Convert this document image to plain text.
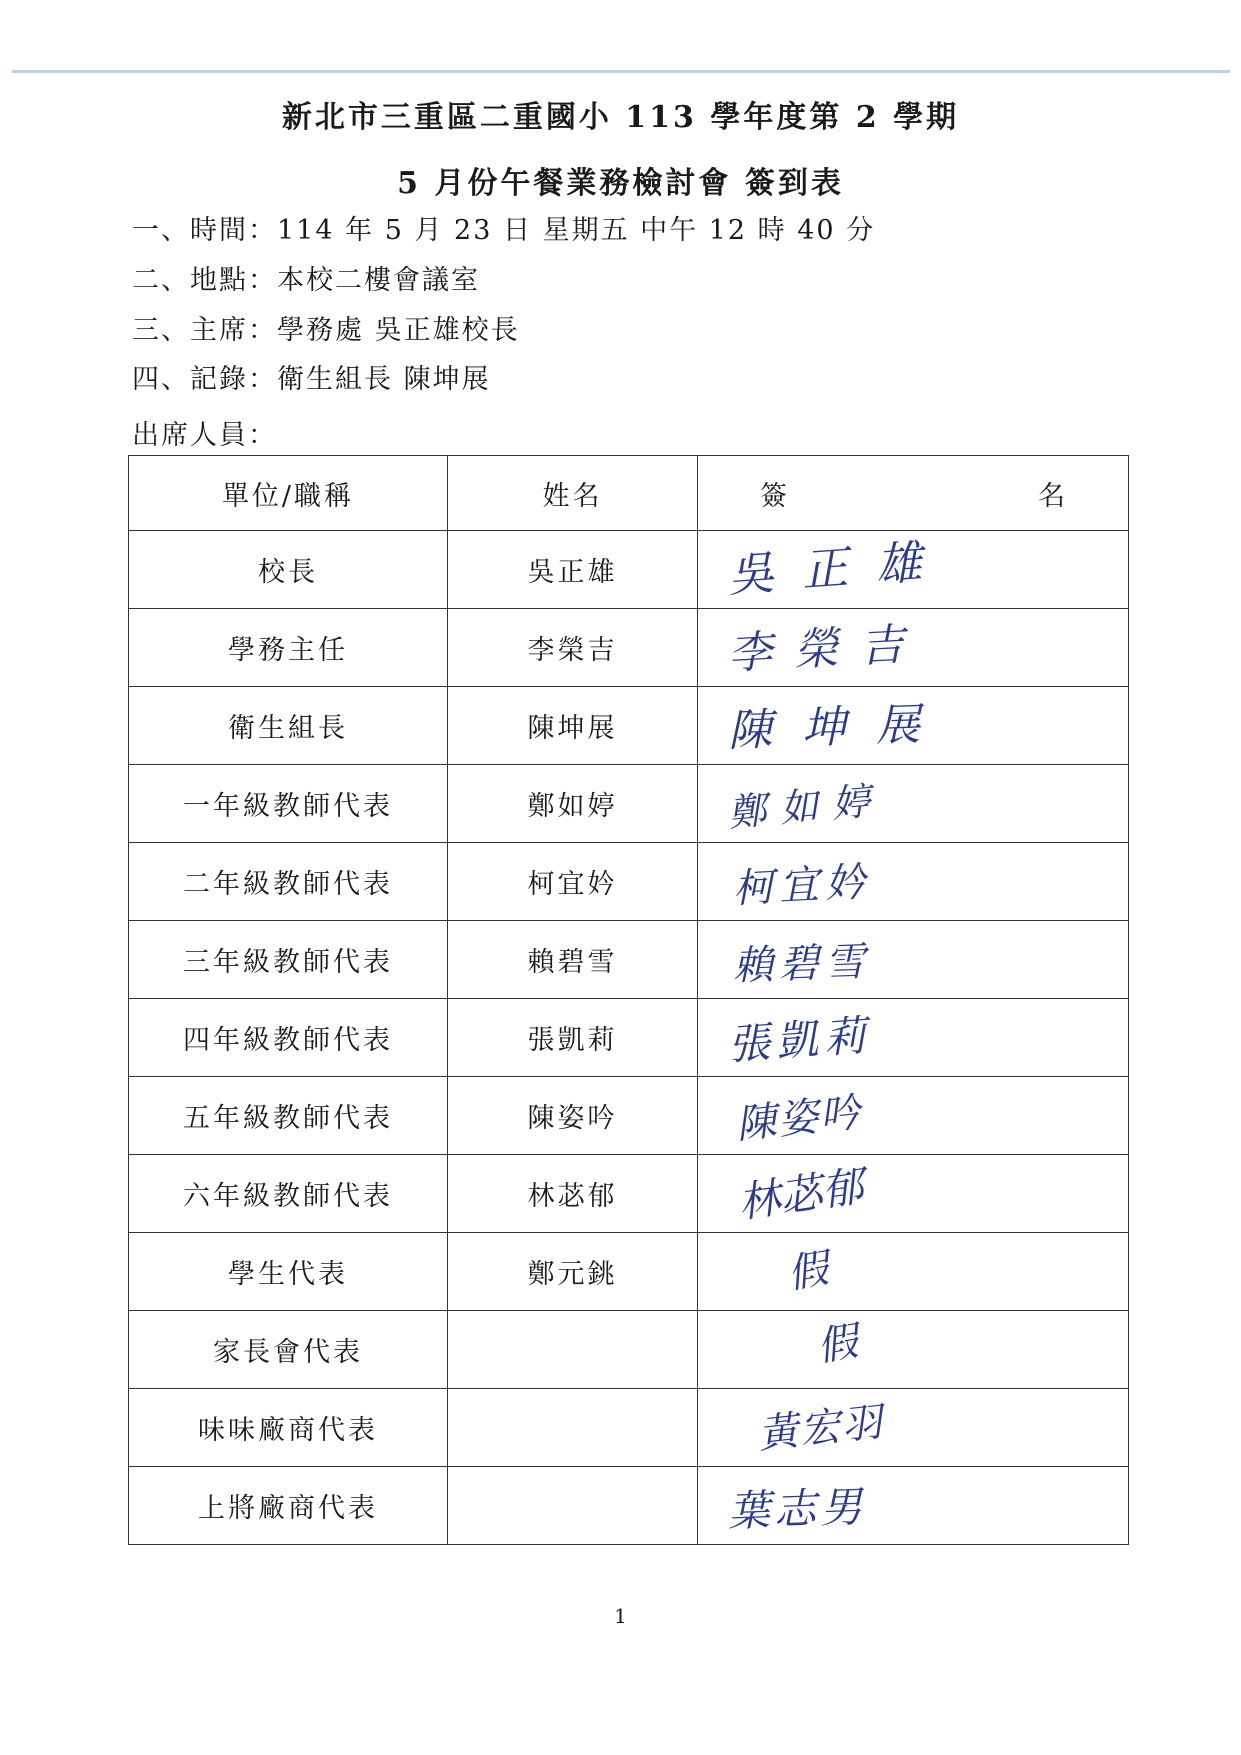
新北市三重區二重國小 113 學年度第 2 學期
5 月份午餐業務檢討會 簽到表
一、時間：114 年 5 月 23 日 星期五 中午 12 時 40 分
二、地點：本校二樓會議室
三、主席：學務處 吳正雄校長
四、記錄：衛生組長 陳坤展
出席人員：
單位/職稱	姓名	簽 名

校長	吳正雄	吳正雄

學務主任	李榮吉	李榮吉

衛生組長	陳坤展	陳坤展

一年級教師代表	鄭如婷	鄭如婷

二年級教師代表	柯宜妗	柯宜妗

三年級教師代表	賴碧雪	賴碧雪

四年級教師代表	張凱莉	張凱莉

五年級教師代表	陳姿吟	陳姿吟

六年級教師代表	林苾郁	林苾郁

學生代表	鄭元銚	假

家長會代表		假

味味廠商代表		黃宏羽

上將廠商代表		葉志男
1
